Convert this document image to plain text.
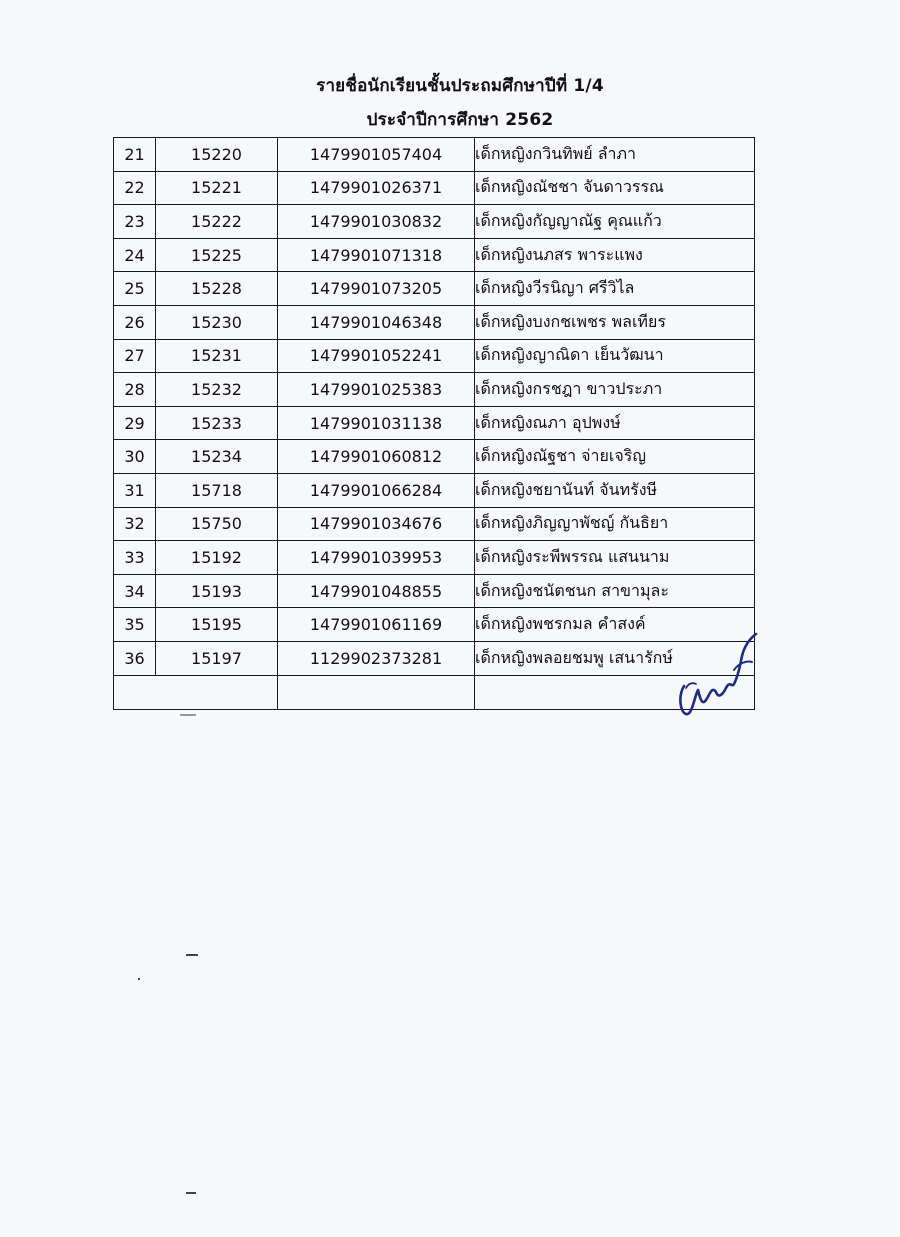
รายชื่อนักเรียนชั้นประถมศึกษาปีที่ 1/4
ประจำปีการศึกษา 2562
21	15220	1479901057404	เด็กหญิงกวินทิพย์ ลำภา
22	15221	1479901026371	เด็กหญิงณัชชา จันดาวรรณ
23	15222	1479901030832	เด็กหญิงกัญญาณัฐ คุณแก้ว
24	15225	1479901071318	เด็กหญิงนภสร พาระแพง
25	15228	1479901073205	เด็กหญิงวีรนิญา ศรีวิไล
26	15230	1479901046348	เด็กหญิงบงกชเพชร พลเทียร
27	15231	1479901052241	เด็กหญิงญาณิดา เย็นวัฒนา
28	15232	1479901025383	เด็กหญิงกรชฎา ขาวประภา
29	15233	1479901031138	เด็กหญิงณภา อุปพงษ์
30	15234	1479901060812	เด็กหญิงณัฐชา จ่ายเจริญ
31	15718	1479901066284	เด็กหญิงชยานันท์ จันทรังษี
32	15750	1479901034676	เด็กหญิงภิญญาพัชญ์ กันธิยา
33	15192	1479901039953	เด็กหญิงระพีพรรณ แสนนาม
34	15193	1479901048855	เด็กหญิงชนัตชนก สาขามุละ
35	15195	1479901061169	เด็กหญิงพชรกมล คำสงค์
36	15197	1129902373281	เด็กหญิงพลอยชมพู เสนารักษ์
